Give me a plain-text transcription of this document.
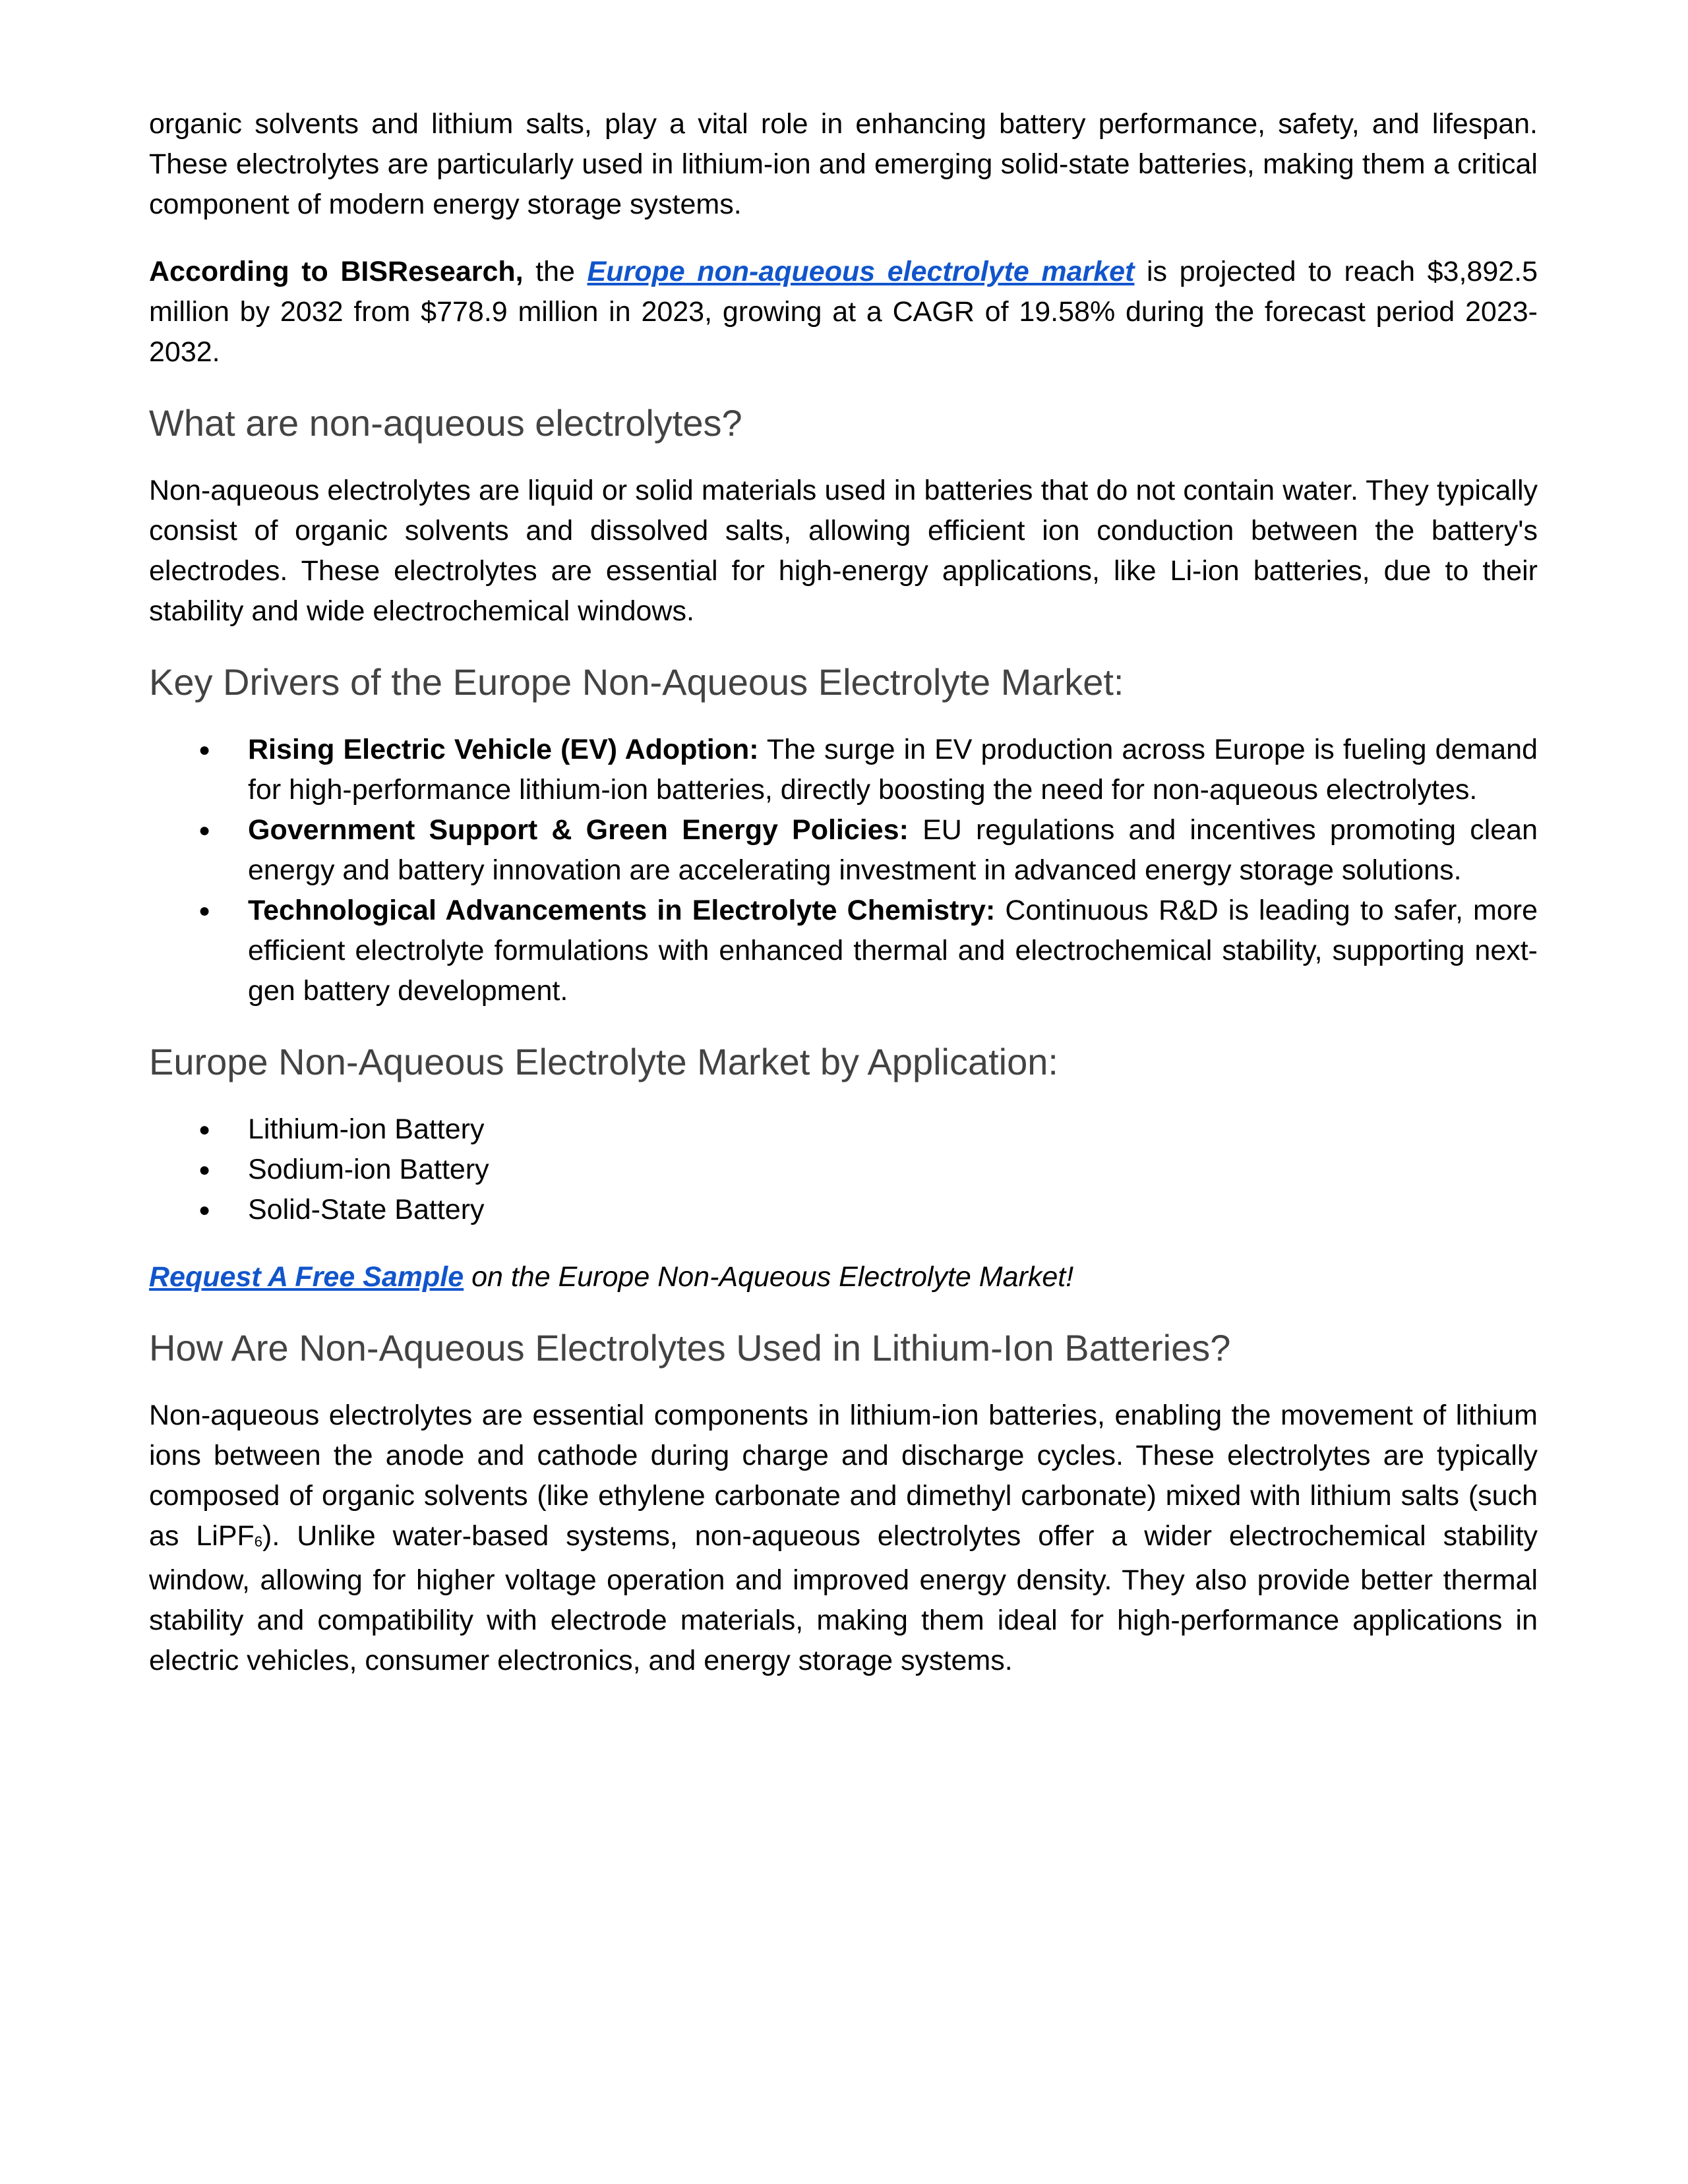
organic solvents and lithium salts, play a vital role in enhancing battery performance, safety, and lifespan. These electrolytes are particularly used in lithium-ion and emerging solid-state batteries, making them a critical component of modern energy storage systems.

According to BISResearch, the Europe non-aqueous electrolyte market is projected to reach $3,892.5 million by 2032 from $778.9 million in 2023, growing at a CAGR of 19.58% during the forecast period 2023-2032.

What are non-aqueous electrolytes?

Non-aqueous electrolytes are liquid or solid materials used in batteries that do not contain water. They typically consist of organic solvents and dissolved salts, allowing efficient ion conduction between the battery's electrodes. These electrolytes are essential for high-energy applications, like Li-ion batteries, due to their stability and wide electrochemical windows.

Key Drivers of the Europe Non-Aqueous Electrolyte Market:
● Rising Electric Vehicle (EV) Adoption: The surge in EV production across Europe is fueling demand for high-performance lithium-ion batteries, directly boosting the need for non-aqueous electrolytes.
● Government Support & Green Energy Policies: EU regulations and incentives promoting clean energy and battery innovation are accelerating investment in advanced energy storage solutions.
● Technological Advancements in Electrolyte Chemistry: Continuous R&D is leading to safer, more efficient electrolyte formulations with enhanced thermal and electrochemical stability, supporting next-gen battery development.
Europe Non-Aqueous Electrolyte Market by Application:
● Lithium-ion Battery
● Sodium-ion Battery
● Solid-State Battery

Request A Free Sample on the Europe Non-Aqueous Electrolyte Market!

How Are Non-Aqueous Electrolytes Used in Lithium-Ion Batteries?

Non-aqueous electrolytes are essential components in lithium-ion batteries, enabling the movement of lithium ions between the anode and cathode during charge and discharge cycles. These electrolytes are typically composed of organic solvents (like ethylene carbonate and dimethyl carbonate) mixed with lithium salts (such as LiPF$_6$). Unlike water-based systems, non-aqueous electrolytes offer a wider electrochemical stability window, allowing for higher voltage operation and improved energy density. They also provide better thermal stability and compatibility with electrode materials, making them ideal for high-performance applications in electric vehicles, consumer electronics, and energy storage systems.
